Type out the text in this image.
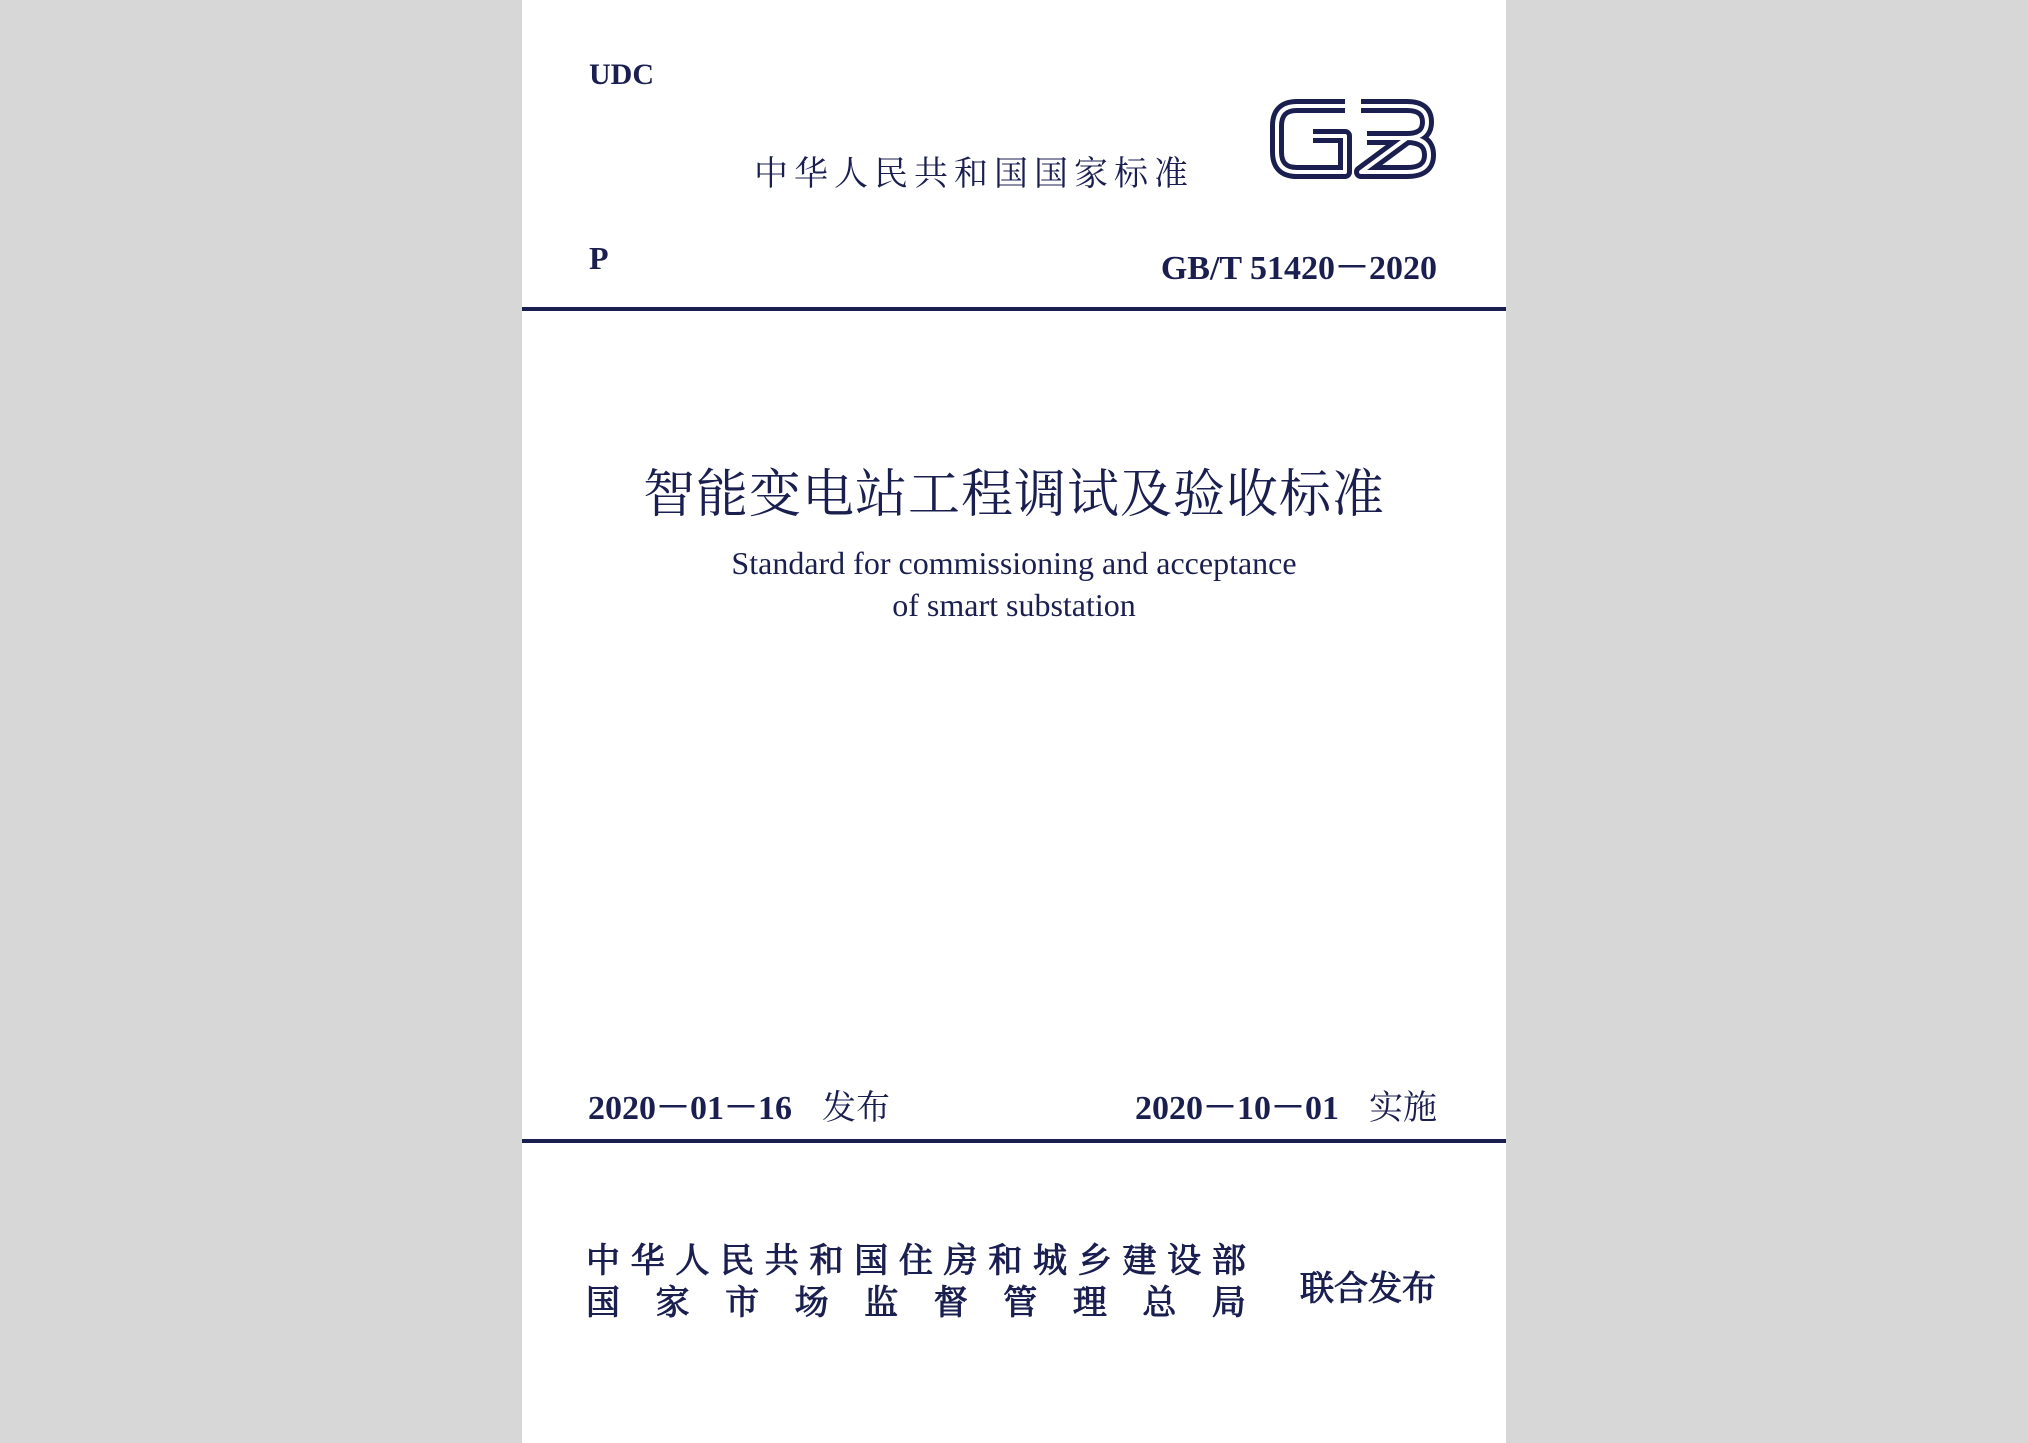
UDC
中华人民共和国国家标准
P	GB/T 51420－2020
智能变电站工程调试及验收标准
Standard for commissioning and acceptance
of smart substation
2020－01－16 发布	2020－10－01 实施
中 华 人 民 共 和 国 住 房 和 城 乡 建 设 部
国 家 市 场 监 督 管 理 总 局 联合发布
